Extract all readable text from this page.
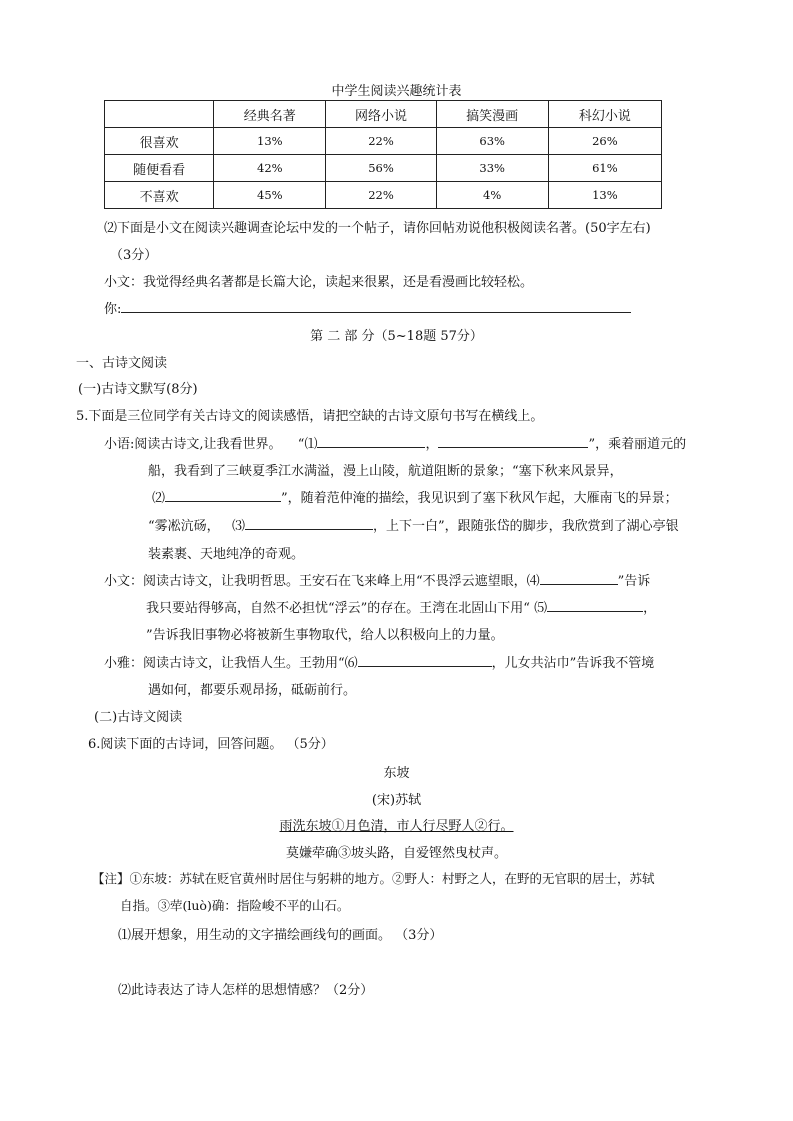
中学生阅读兴趣统计表
	经典名著	网络小说	搞笑漫画	科幻小说
很喜欢	13%	22%	63%	26%
随便看看	42%	56%	33%	61%
不喜欢	45%	22%	4%	13%
⑵下面是小文在阅读兴趣调查论坛中发的一个帖子，请你回帖劝说他积极阅读名著。(50字左右)
（3分）
小文：我觉得经典名著都是长篇大论，读起来很累，还是看漫画比较轻松。
你:
第 二 部 分（5~18题 57分）
一、古诗文阅读
(一)古诗文默写(8分)
5.下面是三位同学有关古诗文的阅读感悟，请把空缺的古诗文原句书写在横线上。
小语:阅读古诗文,让我看世界。 “⑴	，	”，乘着丽道元的
船，我看到了三峡夏季江水满溢，漫上山陵，航道阻断的景象；“塞下秋来风景异，
⑵	”，随着范仲淹的描绘，我见识到了塞下秋风乍起，大雁南飞的异景；
“雾凇沆砀， ⑶	，上下一白”，跟随张岱的脚步，我欣赏到了湖心亭银
装素裹、天地纯净的奇观。
小文：阅读古诗文，让我明哲思。王安石在飞来峰上用“不畏浮云遮望眼，⑷	”告诉
我只要站得够高，自然不必担忧“浮云”的存在。王湾在北固山下用“ ⑸	，
”告诉我旧事物必将被新生事物取代，给人以积极向上的力量。
小雅：阅读古诗文，让我悟人生。王勃用“⑹	，儿女共沾巾”告诉我不管境
遇如何，都要乐观昂扬，砥砺前行。
(二)古诗文阅读
6.阅读下面的古诗词，回答问题。 （5分）
东坡
(宋)苏轼
雨洗东坡①月色清，市人行尽野人②行。
莫嫌荦确③坡头路，自爱铿然曳杖声。
【注】①东坡：苏轼在贬官黄州时居住与躬耕的地方。②野人：村野之人，在野的无官职的居士，苏轼
自指。③荦(luò)确：指险峻不平的山石。
⑴展开想象，用生动的文字描绘画线句的画面。 （3分）
⑵此诗表达了诗人怎样的思想情感？（2分）
